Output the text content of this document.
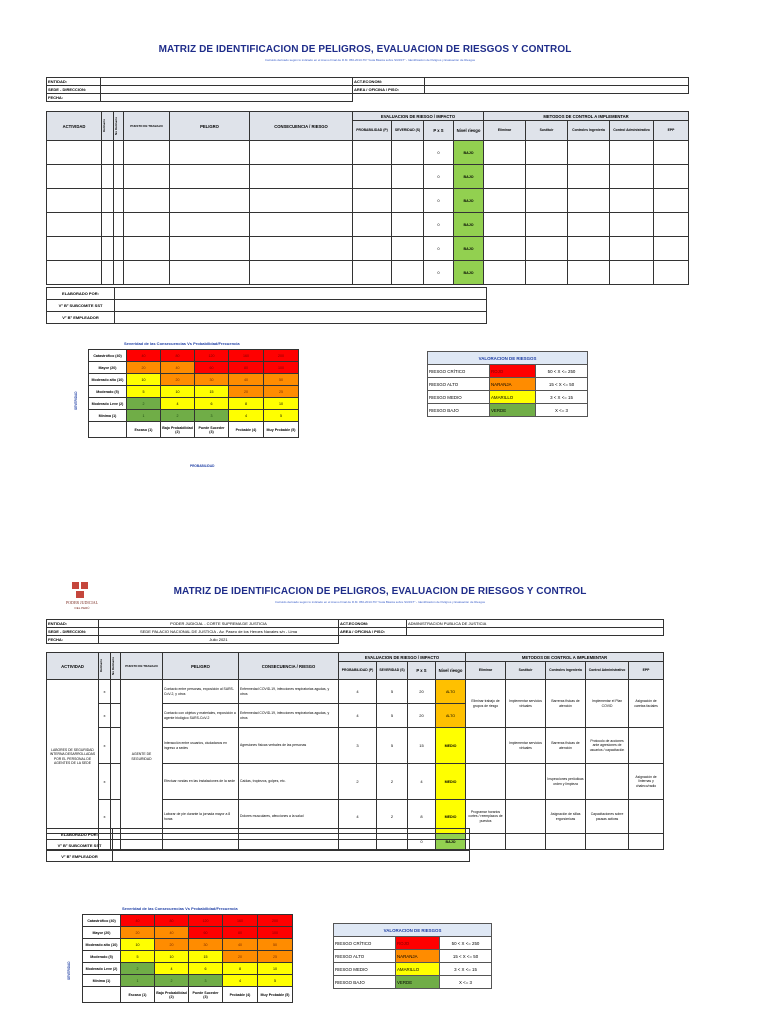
MATRIZ DE IDENTIFICACION DE PELIGROS, EVALUACION DE RIESGOS Y CONTROL
Instruido derivado según lo indicado en el Anexo Final de R.M. 050-2013-TR "Guía Básica sobre SGSST" - Identificación de Peligros y Evaluación de Riesgos
ENTIDAD:		ACT.ECONOM:	
SEDE - DIRECCION:		AREA / OFICINA / PISO:	
FECHA:			
ACTIVIDAD	Rutinario	No Rutinario	PUESTO DE TRABAJO	PELIGRO	CONSECUENCIA / RIESGO	EVALUACION DE RIESGO / IMPACTO				METODOS DE CONTROL A IMPLEMENTAR				
						PROBABILIDAD (P)	SEVERIDAD (S)	P x S	Nivel riesgo	Eliminar	Sustituir	Controles Ingenieria	Control Administrativo	EPP
								0	BAJO					
								0	BAJO					
								0	BAJO					
								0	BAJO					
								0	BAJO					
								0	BAJO					
ELABORADO POR:	
V° B° SUBCOMITE SST	
V° B° EMPLEADOR	
Severidad de las Consecuencias Vs Probabilidad/Frecuencia
SEVERIDAD
Catastrófico (40)	40	80	120	160	200
Mayor (20)	20	40	60	80	100
Moderado alto (10)	10	20	30	40	50
Moderado (5)	5	10	15	20	25
Moderado Leve (2)	2	4	6	8	10
Mínima (1)	1	2	3	4	5
	Escaso (1)	Bajo Probabilidad (2)	Puede Suceder (3)	Probable (4)	Muy Probable (5)
PROBABILIDAD
VALORACION DE RIESGOS		
RIESGO CRÍTICO	ROJO	50 < X <= 250
RIESGO ALTO	NARANJA	15 < X <= 50
RIESGO MEDIO	AMARILLO	3 < X <= 15
RIESGO BAJO	VERDE	X <= 3
PODER JUDICIAL
DEL PERÚ
MATRIZ DE IDENTIFICACION DE PELIGROS, EVALUACION DE RIESGOS Y CONTROL
Instruido derivado según lo indicado en el Anexo Final de R.M. 050-2013-TR "Guía Básica sobre SGSST" - Identificación de Peligros y Evaluación de Riesgos
ENTIDAD:	PODER JUDICIAL - CORTE SUPREMA DE JUSTICIA	ACT.ECONOM:	ADMINISTRACION PUBLICA DE JUSTICIA
SEDE - DIRECCION:	SEDE PALACIO NACIONAL DE JUSTICIA - Av. Paseo de los Heroes Navales s/n - Lima	AREA / OFICINA / PISO:	
FECHA:	Julio 2021		
ACTIVIDAD	Rutinario	No Rutinario	PUESTO DE TRABAJO	PELIGRO	CONSECUENCIA / RIESGO	EVALUACION DE RIESGO / IMPACTO				METODOS DE CONTROL A IMPLEMENTAR				
						PROBABILIDAD (P)	SEVERIDAD (S)	P x S	Nivel riesgo	Eliminar	Sustituir	Controles Ingenieria	Control Administrativo	EPP
LABORES DE SEGURIDAD INTERNA DESARROLLADAS POR EL PERSONAL DE AGENTES DE LA SEDE	x		AGENTE DE SEGURIDAD	Contacto entre personas, exposición al SARS-CoV-2, y otros	Enfermedad COVID-19, infecciones respiratorias agudas, y otros	4	5	20	ALTO	Eliminar trabajo de grupos de riesgo	Implementar servicios virtuales	Barreras físicas de atención	Implementar el Plan COVID	Asignación de caretas faciales
	x			Contacto con objetos y materiales, exposición a agente biológico SARS-CoV-2	Enfermedad COVID-19, infecciones respiratorias agudas, y otros	4	5	20	ALTO					
	x			Interacción entre usuarios, ciudadanos en ingreso a sedes	Agresiones físicas verbales de las personas	3	5	15	MEDIO		Implementar servicios virtuales	Barreras físicas de atención	Protocolo de acciones ante agresiones de usuarios / capacitación	
	x			Efectuar rondas en las instalaciones de la sede	Caídas, tropiezos, golpes, etc.	2	2	4	MEDIO			Inspecciones periódicas orden y limpieza		Asignación de linternas y chaleco/radio
	x			Laborar de pie durante la jornada mayor a 8 horas	Dolores musculares, afecciones a la salud	4	2	8	MEDIO	Programar horarios cortes / reemplazos de puestos		Asignación de sillas ergonómicas	Capacitaciones sobre pausas activas	
								0	BAJO					
ELABORADO POR:	
V° B° SUBCOMITE SST	
V° B° EMPLEADOR	
Severidad de las Consecuencias Vs Probabilidad/Frecuencia
SEVERIDAD
Catastrófico (40)	40	80	120	160	200
Mayor (20)	20	40	60	80	100
Moderado alto (10)	10	20	30	40	50
Moderado (5)	5	10	15	20	25
Moderado Leve (2)	2	4	6	8	10
Mínima (1)	1	2	3	4	5
	Escaso (1)	Bajo Probabilidad (2)	Puede Suceder (3)	Probable (4)	Muy Probable (5)
VALORACION DE RIESGOS		
RIESGO CRÍTICO	ROJO	50 < X <= 250
RIESGO ALTO	NARANJA	15 < X <= 50
RIESGO MEDIO	AMARILLO	3 < X <= 15
RIESGO BAJO	VERDE	X <= 3
